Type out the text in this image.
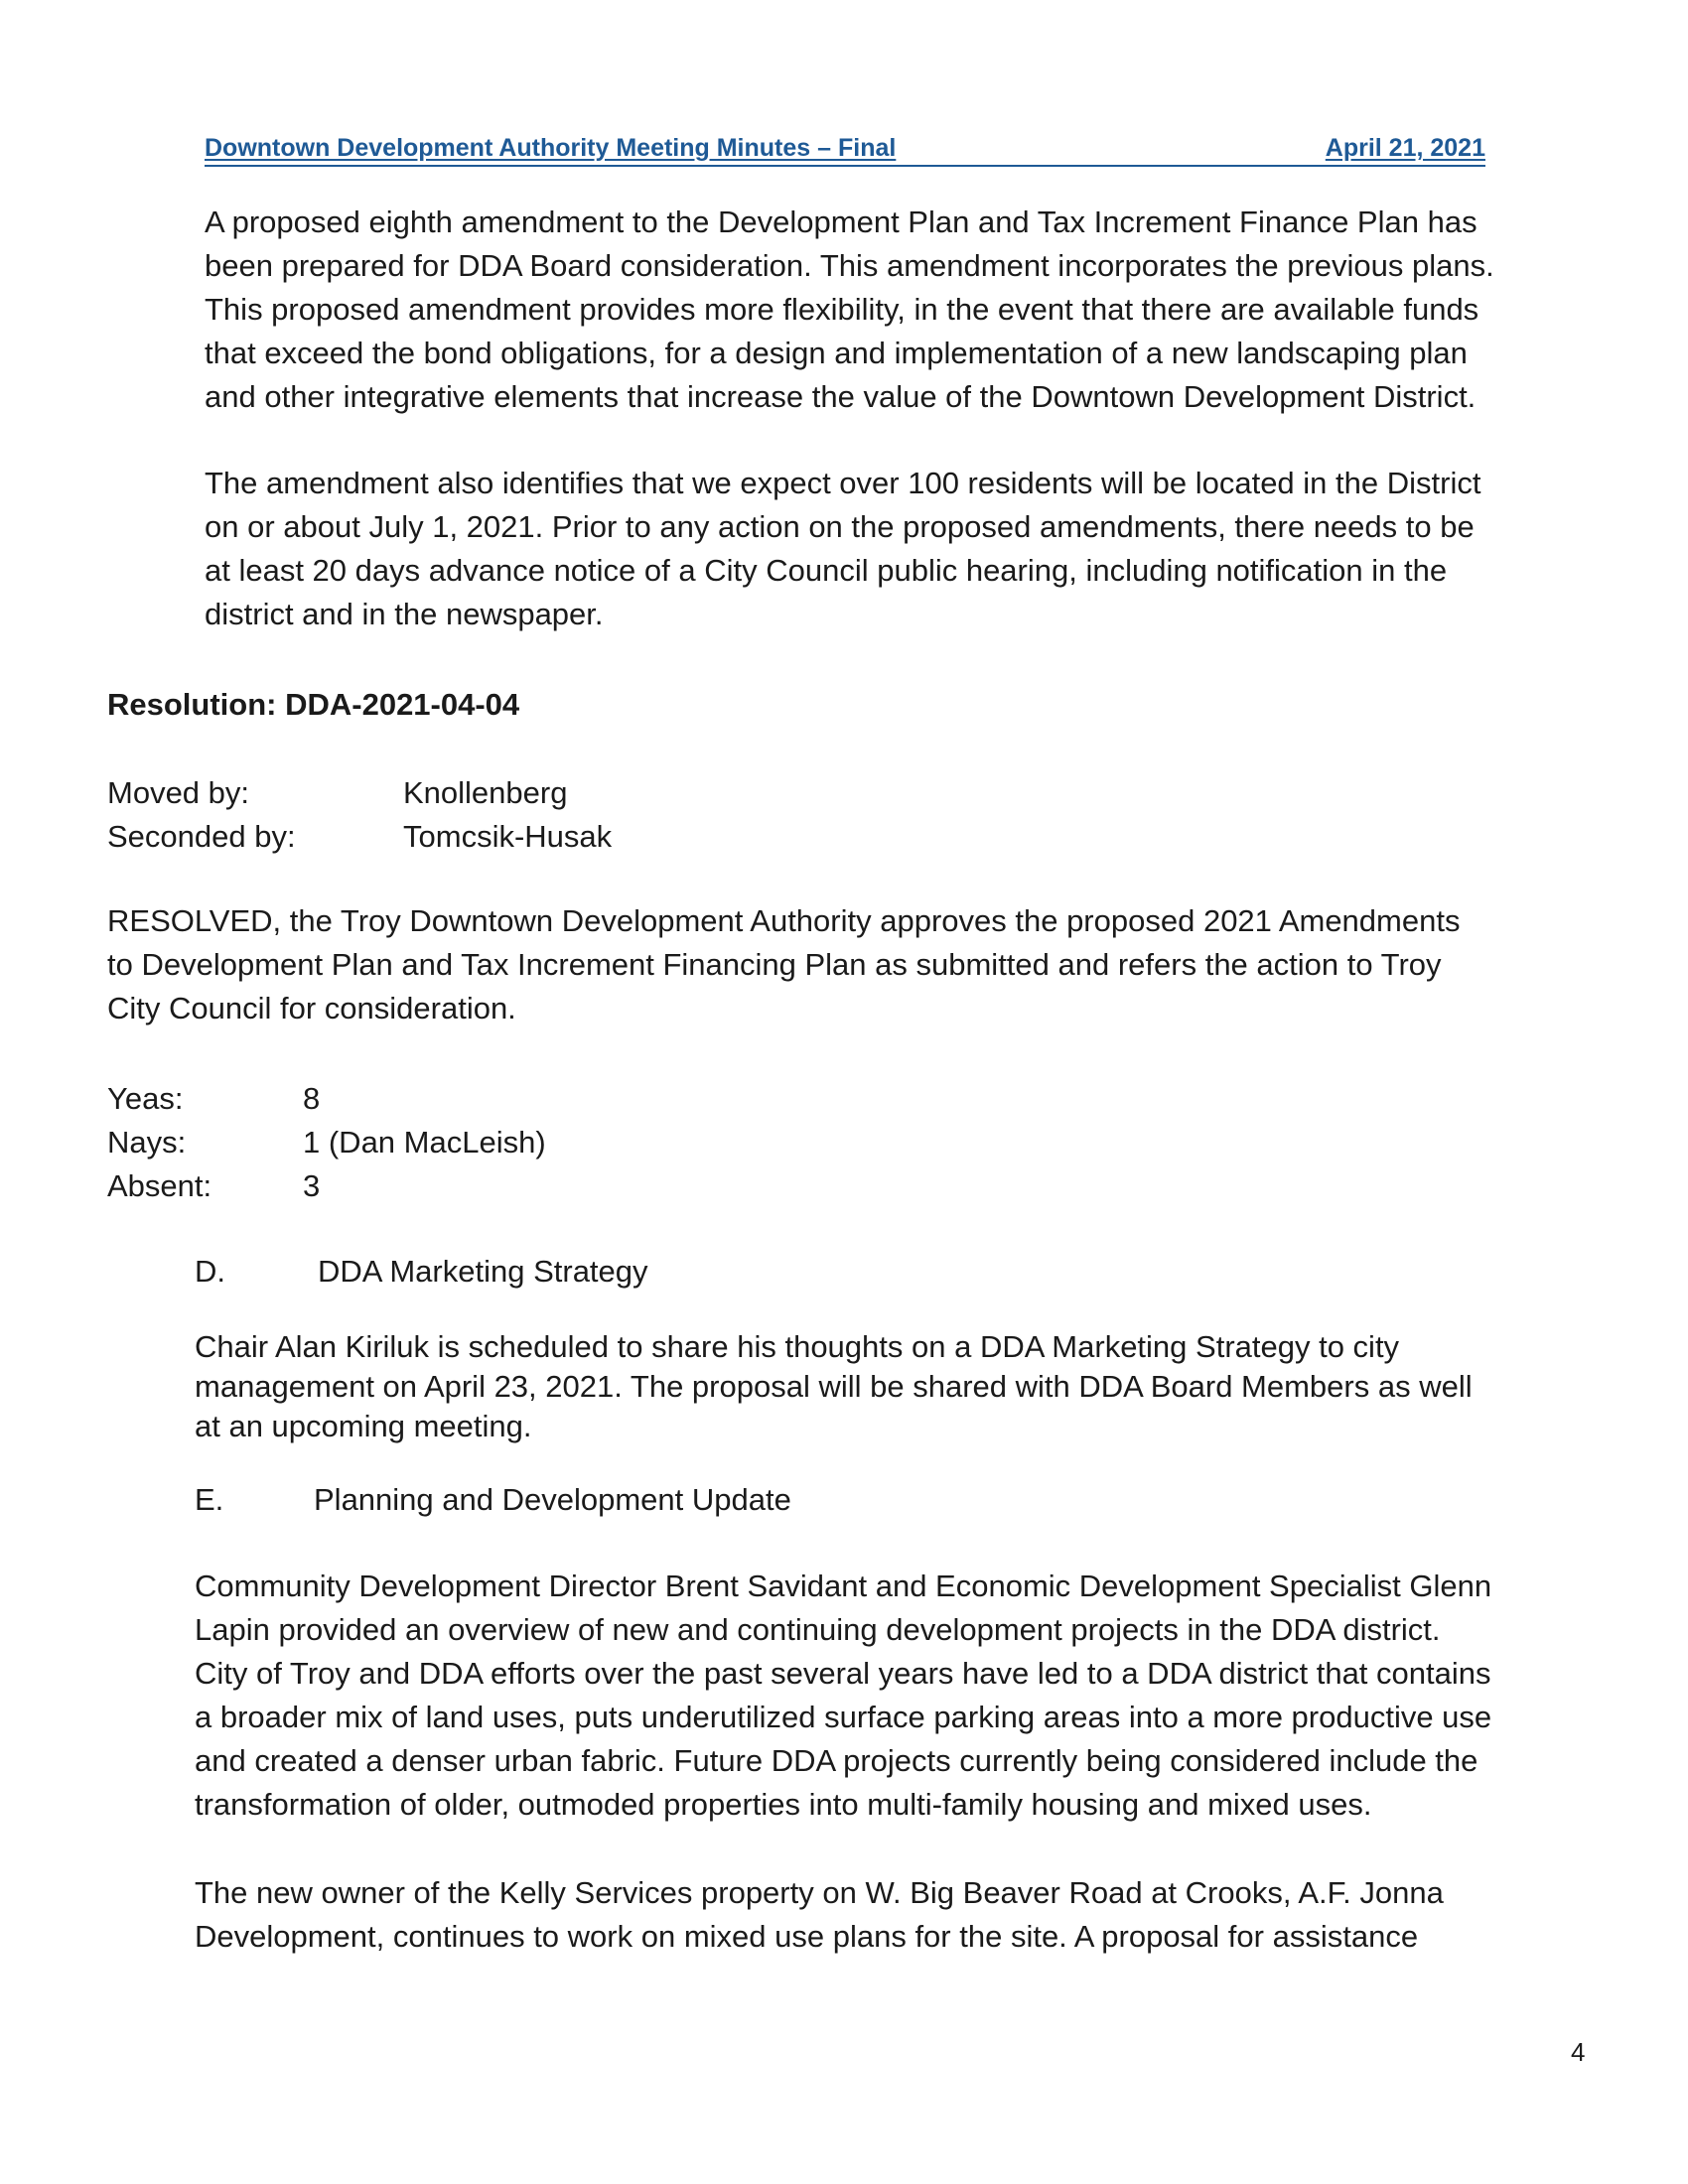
Downtown Development Authority Meeting Minutes – Final	April 21, 2021
A proposed eighth amendment to the Development Plan and Tax Increment Finance Plan has
been prepared for DDA Board consideration. This amendment incorporates the previous plans.
This proposed amendment provides more flexibility, in the event that there are available funds
that exceed the bond obligations, for a design and implementation of a new landscaping plan
and other integrative elements that increase the value of the Downtown Development District.
The amendment also identifies that we expect over 100 residents will be located in the District
on or about July 1, 2021. Prior to any action on the proposed amendments, there needs to be
at least 20 days advance notice of a City Council public hearing, including notification in the
district and in the newspaper.
Resolution: DDA-2021-04-04
Moved by:	Knollenberg
Seconded by:	Tomcsik-Husak
RESOLVED, the Troy Downtown Development Authority approves the proposed 2021 Amendments
to Development Plan and Tax Increment Financing Plan as submitted and refers the action to Troy
City Council for consideration.
Yeas:	8
Nays:	1 (Dan MacLeish)
Absent:	3
D.	DDA Marketing Strategy
Chair Alan Kiriluk is scheduled to share his thoughts on a DDA Marketing Strategy to city
management on April 23, 2021. The proposal will be shared with DDA Board Members as well
at an upcoming meeting.
E.	Planning and Development Update
Community Development Director Brent Savidant and Economic Development Specialist Glenn
Lapin provided an overview of new and continuing development projects in the DDA district.
City of Troy and DDA efforts over the past several years have led to a DDA district that contains
a broader mix of land uses, puts underutilized surface parking areas into a more productive use
and created a denser urban fabric. Future DDA projects currently being considered include the
transformation of older, outmoded properties into multi-family housing and mixed uses.
The new owner of the Kelly Services property on W. Big Beaver Road at Crooks, A.F. Jonna
Development, continues to work on mixed use plans for the site. A proposal for assistance
4
